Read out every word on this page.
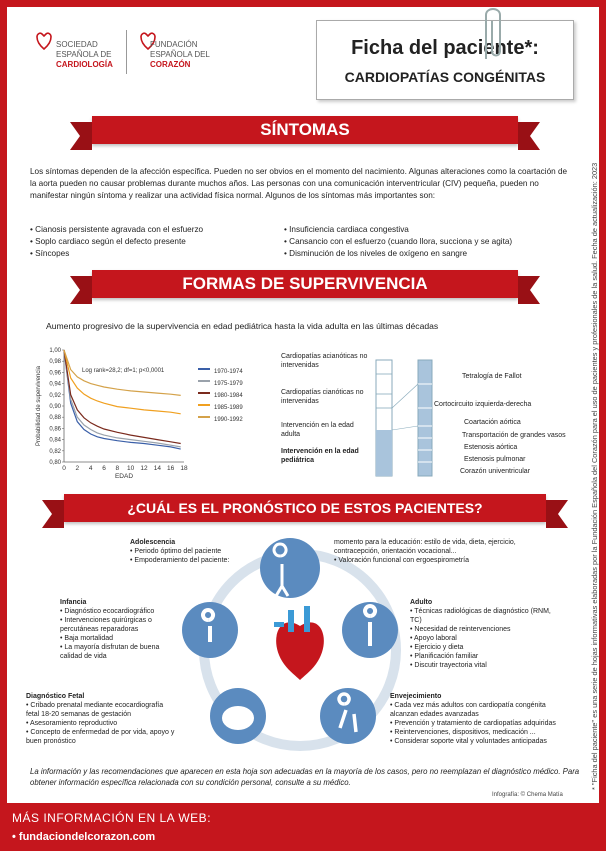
SOCIEDAD
ESPAÑOLA DE
CARDIOLOGÍA
FUNDACIÓN
ESPAÑOLA DEL
CORAZÓN
Ficha del paciente*:
CARDIOPATÍAS CONGÉNITAS
* "Ficha del paciente" es una serie de hojas informativas elaboradas por la Fundación Española del Corazón para el uso de pacientes y profesionales de la salud. Fecha de actualización: 2023
SÍNTOMAS
Los síntomas dependen de la afección específica. Pueden no ser obvios en el momento del nacimiento. Algunas alteraciones como la coartación de la aorta pueden no causar problemas durante muchos años. Las personas con una comunicación interventricular (CIV) pequeña, pueden no manifestar ningún síntoma y realizar una actividad física normal. Algunos de los síntomas más importantes son:
• Cianosis persistente agravada con el esfuerzo
• Soplo cardiaco según el defecto presente
• Síncopes
• Insuficiencia cardiaca congestiva
• Cansancio con el esfuerzo (cuando llora, succiona y se agita)
• Disminución de los niveles de oxígeno en sangre
FORMAS DE SUPERVIVENCIA
Aumento progresivo de la supervivencia en edad pediátrica hasta la vida adulta en las últimas décadas
0,80
0,82
0,84
0,86
0,88
0,90
0,92
0,94
0,96
0,98
1,00
0 2 4 6 8 10 12 14 16 18
EDAD
Probabilidad de supervivencia	Log rank=28,2; df=1; p<0,0001	1970-1974
1975-1979
1980-1984
1985-1989
1990-1992
Cardiopatías acianóticas no intervenidas
Cardiopatías cianóticas no intervenidas
Intervención en la edad adulta
Intervención en la edad pediátrica
Tetralogía de Fallot
Cortocircuito izquierda-derecha
Coartación aórtica
Transportación de grandes vasos
Estenosis aórtica
Estenosis pulmonar
Corazón univentricular
¿CUÁL ES EL PRONÓSTICO DE ESTOS PACIENTES?
Adolescencia
• Periodo óptimo del paciente
• Empoderamiento del paciente:
momento para la educación: estilo de vida, dieta, ejercicio, contracepción, orientación vocacional...
• Valoración funcional con ergoespirometría
Infancia
• Diagnóstico ecocardiográfico
• Intervenciones quirúrgicas o percutáneas reparadoras
• Baja mortalidad
• La mayoría disfrutan de buena calidad de vida
Adulto
• Técnicas radiológicas de diagnóstico (RNM, TC)
• Necesidad de reintervenciones
• Apoyo laboral
• Ejercicio y dieta
• Planificación familiar
• Discutir trayectoria vital
Diagnóstico Fetal
• Cribado prenatal mediante ecocardiografía fetal 18-20 semanas de gestación
• Asesoramiento reproductivo
• Concepto de enfermedad de por vida, apoyo y buen pronóstico
Envejecimiento
• Cada vez más adultos con cardiopatía congénita alcanzan edades avanzadas
• Prevención y tratamiento de cardiopatías adquiridas
• Reintervenciones, dispositivos, medicación ...
• Considerar soporte vital y voluntades anticipadas
La información y las recomendaciones que aparecen en esta hoja son adecuadas en la mayoría de los casos, pero no reemplazan el diagnóstico médico. Para obtener información específica relacionada con su condición personal, consulte a su médico.
Infografía: © Chema Matía
MÁS INFORMACIÓN EN LA WEB:
• fundaciondelcorazon.com
